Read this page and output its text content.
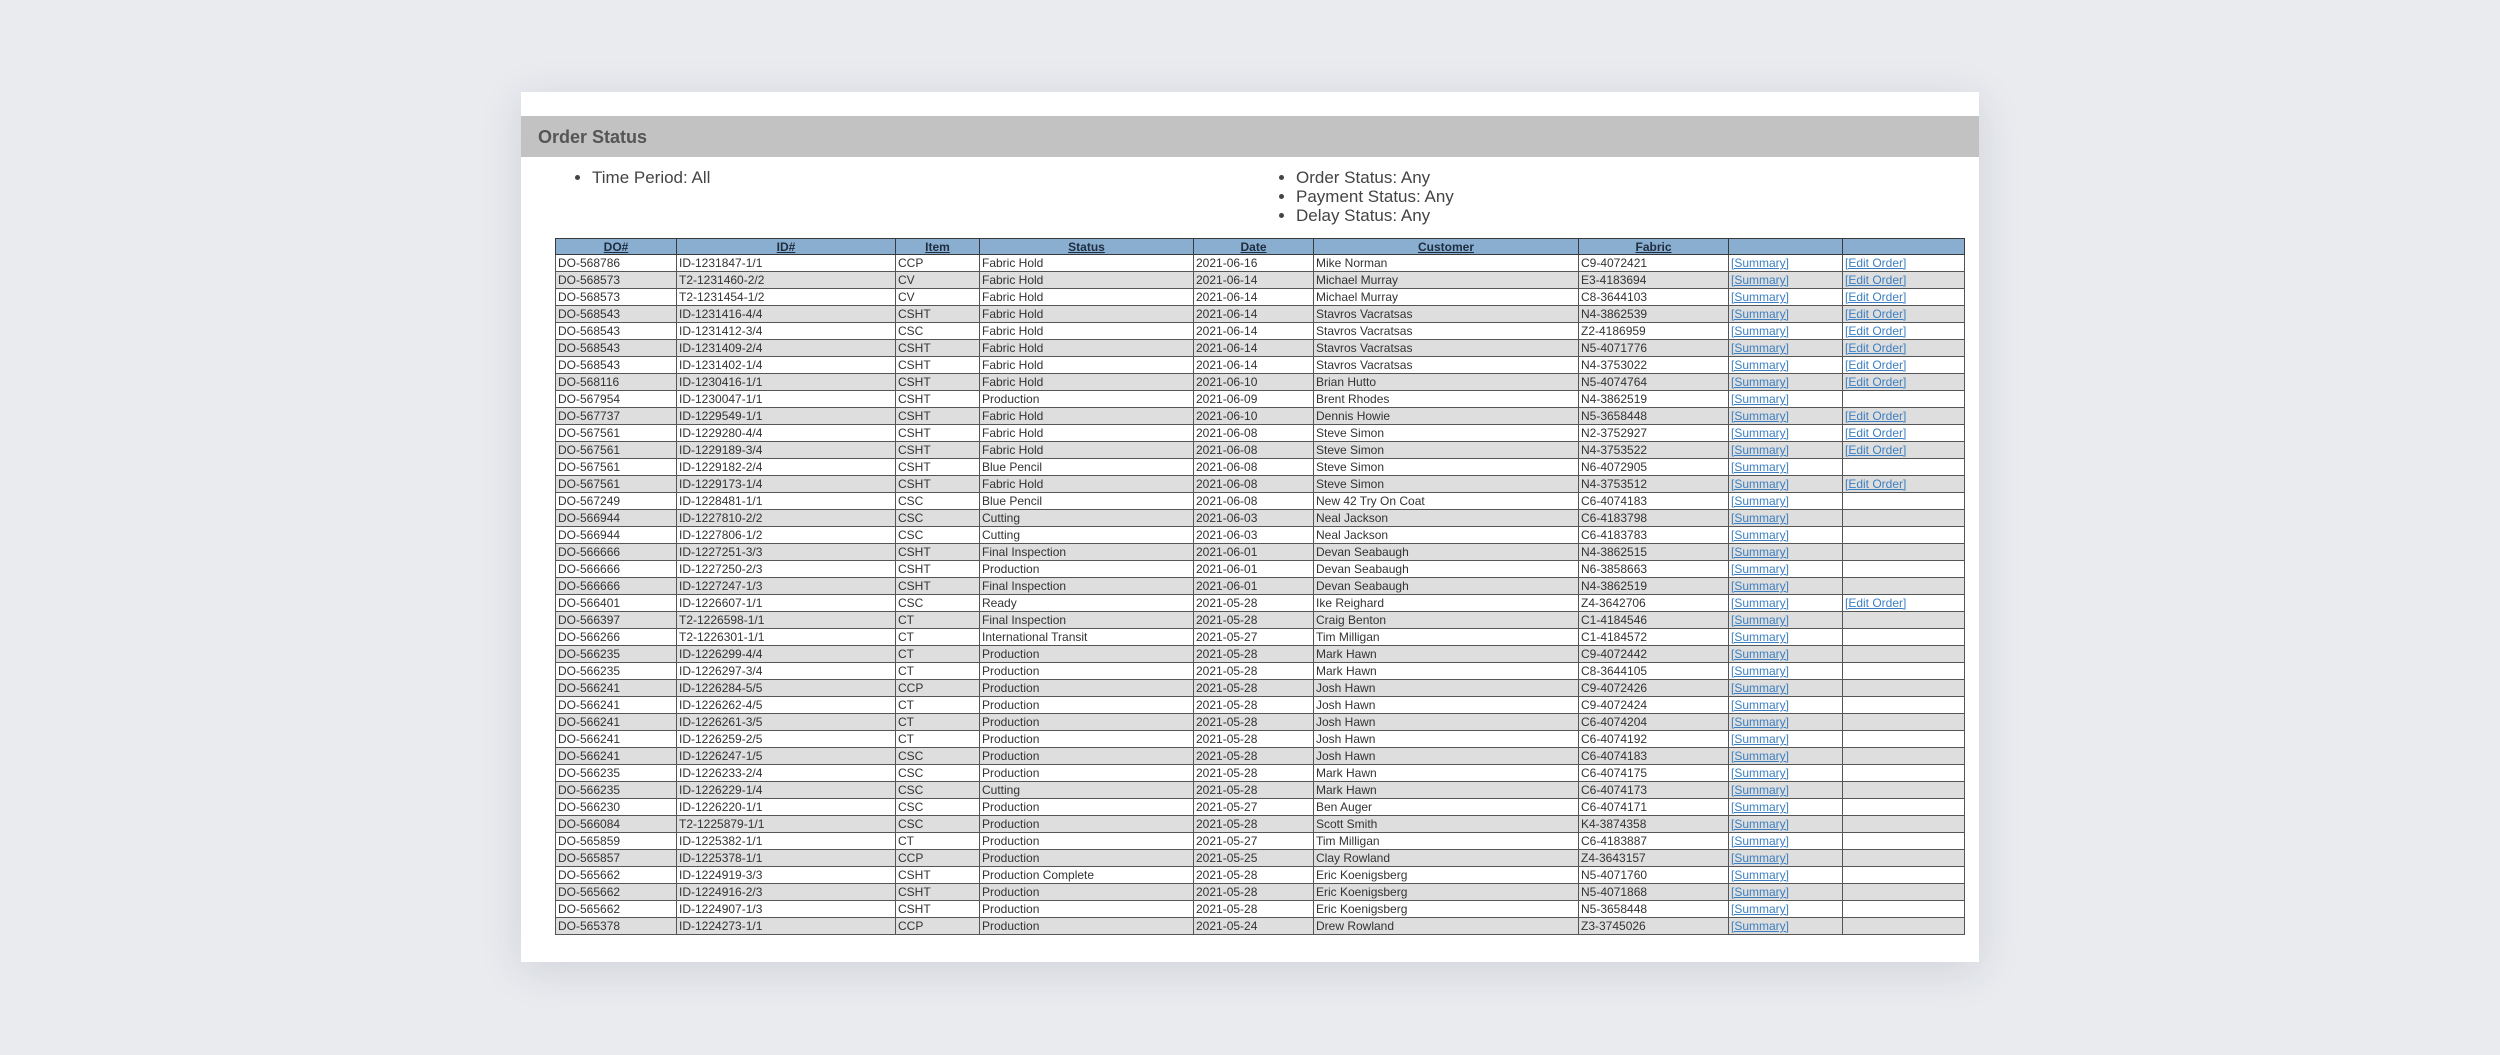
Order Status
• Time Period: All	• Order Status: Any
• Payment Status: Any
• Delay Status: Any
DO#	ID#	Item	Status	Date	Customer	Fabric		
DO-568786	ID-1231847-1/1	CCP	Fabric Hold	2021-06-16	Mike Norman	C9-4072421	[Summary]	[Edit Order]
DO-568573	T2-1231460-2/2	CV	Fabric Hold	2021-06-14	Michael Murray	E3-4183694	[Summary]	[Edit Order]
DO-568573	T2-1231454-1/2	CV	Fabric Hold	2021-06-14	Michael Murray	C8-3644103	[Summary]	[Edit Order]
DO-568543	ID-1231416-4/4	CSHT	Fabric Hold	2021-06-14	Stavros Vacratsas	N4-3862539	[Summary]	[Edit Order]
DO-568543	ID-1231412-3/4	CSC	Fabric Hold	2021-06-14	Stavros Vacratsas	Z2-4186959	[Summary]	[Edit Order]
DO-568543	ID-1231409-2/4	CSHT	Fabric Hold	2021-06-14	Stavros Vacratsas	N5-4071776	[Summary]	[Edit Order]
DO-568543	ID-1231402-1/4	CSHT	Fabric Hold	2021-06-14	Stavros Vacratsas	N4-3753022	[Summary]	[Edit Order]
DO-568116	ID-1230416-1/1	CSHT	Fabric Hold	2021-06-10	Brian Hutto	N5-4074764	[Summary]	[Edit Order]
DO-567954	ID-1230047-1/1	CSHT	Production	2021-06-09	Brent Rhodes	N4-3862519	[Summary]	
DO-567737	ID-1229549-1/1	CSHT	Fabric Hold	2021-06-10	Dennis Howie	N5-3658448	[Summary]	[Edit Order]
DO-567561	ID-1229280-4/4	CSHT	Fabric Hold	2021-06-08	Steve Simon	N2-3752927	[Summary]	[Edit Order]
DO-567561	ID-1229189-3/4	CSHT	Fabric Hold	2021-06-08	Steve Simon	N4-3753522	[Summary]	[Edit Order]
DO-567561	ID-1229182-2/4	CSHT	Blue Pencil	2021-06-08	Steve Simon	N6-4072905	[Summary]	
DO-567561	ID-1229173-1/4	CSHT	Fabric Hold	2021-06-08	Steve Simon	N4-3753512	[Summary]	[Edit Order]
DO-567249	ID-1228481-1/1	CSC	Blue Pencil	2021-06-08	New 42 Try On Coat	C6-4074183	[Summary]	
DO-566944	ID-1227810-2/2	CSC	Cutting	2021-06-03	Neal Jackson	C6-4183798	[Summary]	
DO-566944	ID-1227806-1/2	CSC	Cutting	2021-06-03	Neal Jackson	C6-4183783	[Summary]	
DO-566666	ID-1227251-3/3	CSHT	Final Inspection	2021-06-01	Devan Seabaugh	N4-3862515	[Summary]	
DO-566666	ID-1227250-2/3	CSHT	Production	2021-06-01	Devan Seabaugh	N6-3858663	[Summary]	
DO-566666	ID-1227247-1/3	CSHT	Final Inspection	2021-06-01	Devan Seabaugh	N4-3862519	[Summary]	
DO-566401	ID-1226607-1/1	CSC	Ready	2021-05-28	Ike Reighard	Z4-3642706	[Summary]	[Edit Order]
DO-566397	T2-1226598-1/1	CT	Final Inspection	2021-05-28	Craig Benton	C1-4184546	[Summary]	
DO-566266	T2-1226301-1/1	CT	International Transit	2021-05-27	Tim Milligan	C1-4184572	[Summary]	
DO-566235	ID-1226299-4/4	CT	Production	2021-05-28	Mark Hawn	C9-4072442	[Summary]	
DO-566235	ID-1226297-3/4	CT	Production	2021-05-28	Mark Hawn	C8-3644105	[Summary]	
DO-566241	ID-1226284-5/5	CCP	Production	2021-05-28	Josh Hawn	C9-4072426	[Summary]	
DO-566241	ID-1226262-4/5	CT	Production	2021-05-28	Josh Hawn	C9-4072424	[Summary]	
DO-566241	ID-1226261-3/5	CT	Production	2021-05-28	Josh Hawn	C6-4074204	[Summary]	
DO-566241	ID-1226259-2/5	CT	Production	2021-05-28	Josh Hawn	C6-4074192	[Summary]	
DO-566241	ID-1226247-1/5	CSC	Production	2021-05-28	Josh Hawn	C6-4074183	[Summary]	
DO-566235	ID-1226233-2/4	CSC	Production	2021-05-28	Mark Hawn	C6-4074175	[Summary]	
DO-566235	ID-1226229-1/4	CSC	Cutting	2021-05-28	Mark Hawn	C6-4074173	[Summary]	
DO-566230	ID-1226220-1/1	CSC	Production	2021-05-27	Ben Auger	C6-4074171	[Summary]	
DO-566084	T2-1225879-1/1	CSC	Production	2021-05-28	Scott Smith	K4-3874358	[Summary]	
DO-565859	ID-1225382-1/1	CT	Production	2021-05-27	Tim Milligan	C6-4183887	[Summary]	
DO-565857	ID-1225378-1/1	CCP	Production	2021-05-25	Clay Rowland	Z4-3643157	[Summary]	
DO-565662	ID-1224919-3/3	CSHT	Production Complete	2021-05-28	Eric Koenigsberg	N5-4071760	[Summary]	
DO-565662	ID-1224916-2/3	CSHT	Production	2021-05-28	Eric Koenigsberg	N5-4071868	[Summary]	
DO-565662	ID-1224907-1/3	CSHT	Production	2021-05-28	Eric Koenigsberg	N5-3658448	[Summary]	
DO-565378	ID-1224273-1/1	CCP	Production	2021-05-24	Drew Rowland	Z3-3745026	[Summary]	
